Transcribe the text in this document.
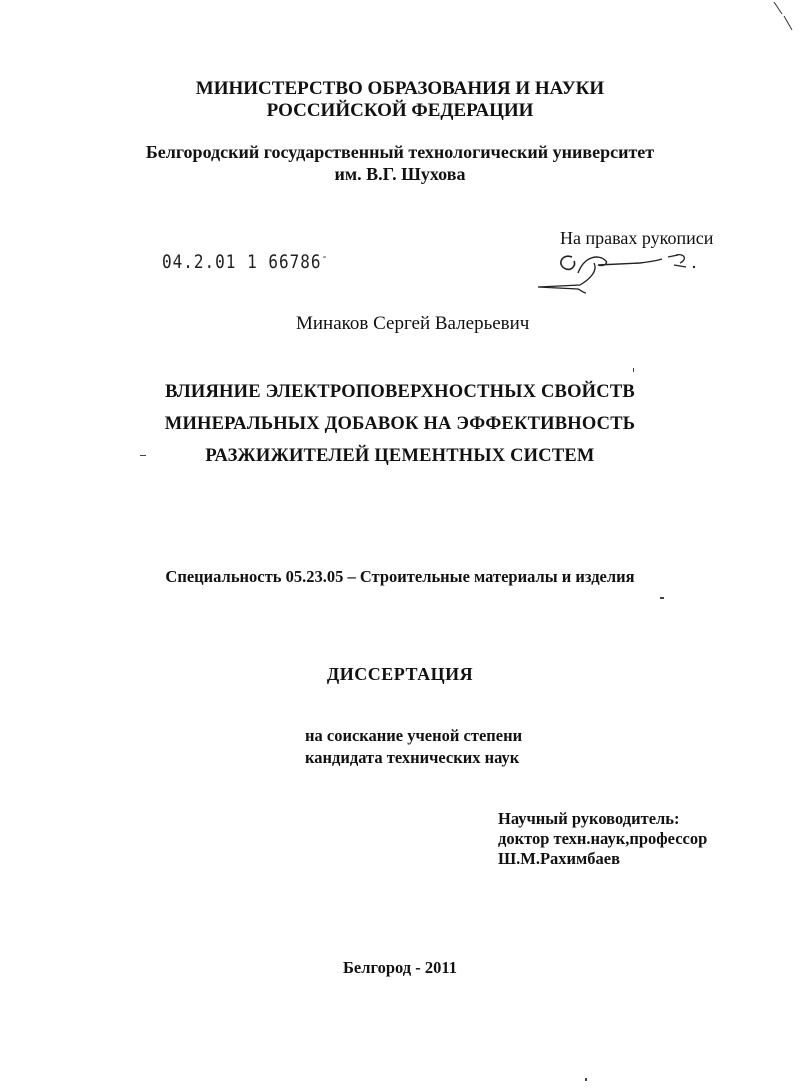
МИНИСТЕРСТВО ОБРАЗОВАНИЯ И НАУКИ
РОССИЙСКОЙ ФЕДЕРАЦИИ
Белгородский государственный технологический университет
им. В.Г. Шухова
На правах рукописи
04.2.01 1 66786-
Минаков Сергей Валерьевич
ВЛИЯНИЕ ЭЛЕКТРОПОВЕРХНОСТНЫХ СВОЙСТВ
МИНЕРАЛЬНЫХ ДОБАВОК НА ЭФФЕКТИВНОСТЬ
РАЗЖИЖИТЕЛЕЙ ЦЕМЕНТНЫХ СИСТЕМ
Специальность 05.23.05 – Строительные материалы и изделия
ДИССЕРТАЦИЯ
на соискание ученой степени
кандидата технических наук
Научный руководитель:
доктор техн.наук,профессор
Ш.М.Рахимбаев
Белгород - 2011
